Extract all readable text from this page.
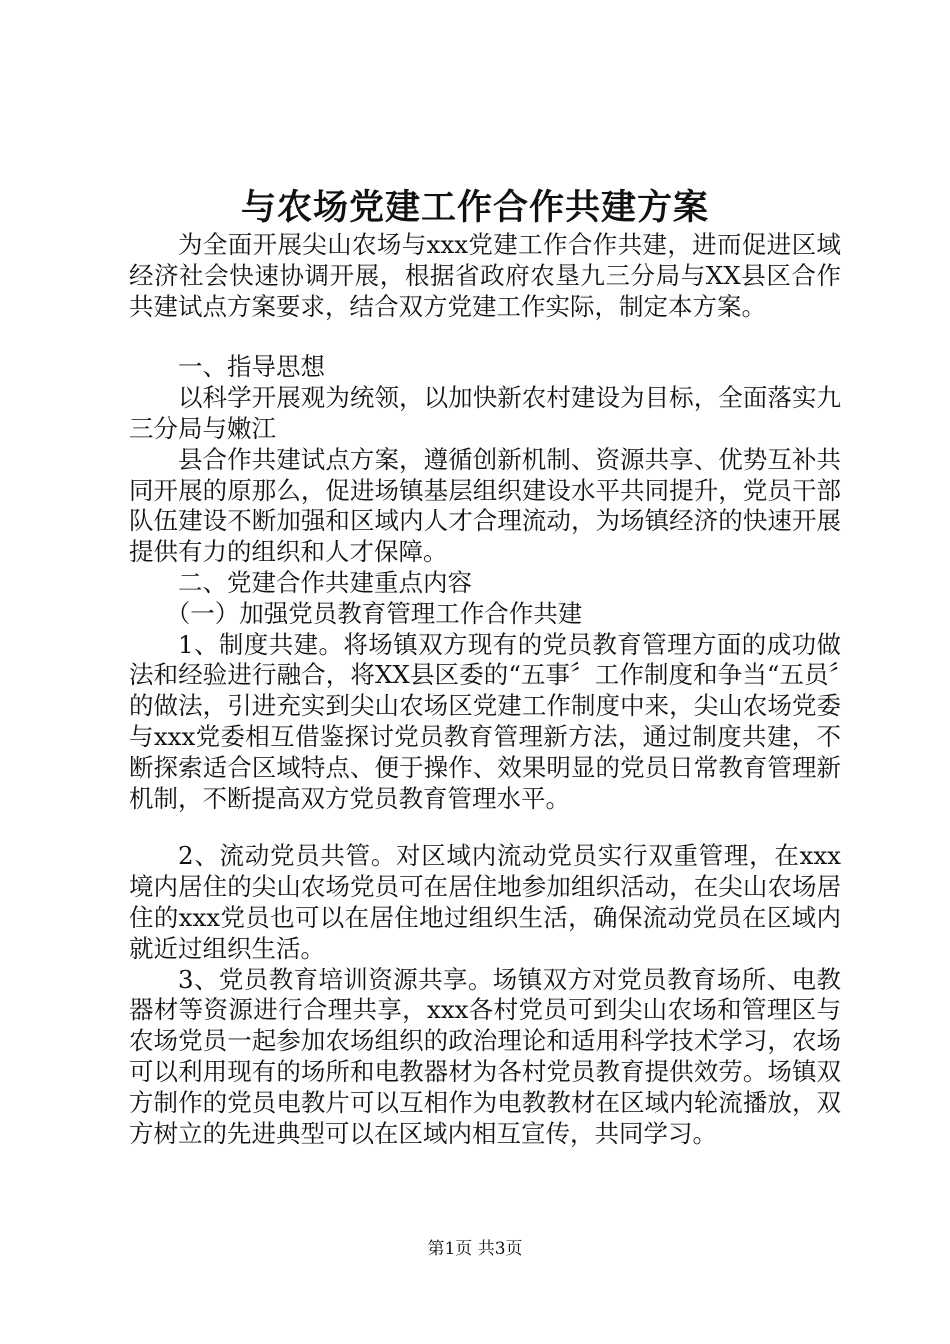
与农场党建工作合作共建方案

为全面开展尖山农场与xxx党建工作合作共建，进而促进区域经济社会快速协调开展，根据省政府农垦九三分局与XX县区合作共建试点方案要求，结合双方党建工作实际，制定本方案。

一、指导思想

以科学开展观为统领，以加快新农村建设为目标，全面落实九三分局与嫩江

县合作共建试点方案，遵循创新机制、资源共享、优势互补共同开展的原那么，促进场镇基层组织建设水平共同提升，党员干部队伍建设不断加强和区域内人才合理流动，为场镇经济的快速开展提供有力的组织和人才保障。

二、党建合作共建重点内容

（一）加强党员教育管理工作合作共建

1、制度共建。将场镇双方现有的党员教育管理方面的成功做法和经验进行融合，将XX县区委的“五事〞工作制度和争当“五员〞的做法，引进充实到尖山农场区党建工作制度中来，尖山农场党委与xxx党委相互借鉴探讨党员教育管理新方法，通过制度共建，不断探索适合区域特点、便于操作、效果明显的党员日常教育管理新机制，不断提高双方党员教育管理水平。

2、流动党员共管。对区域内流动党员实行双重管理，在xxx境内居住的尖山农场党员可在居住地参加组织活动，在尖山农场居住的xxx党员也可以在居住地过组织生活，确保流动党员在区域内就近过组织生活。

3、党员教育培训资源共享。场镇双方对党员教育场所、电教器材等资源进行合理共享，xxx各村党员可到尖山农场和管理区与农场党员一起参加农场组织的政治理论和适用科学技术学习，农场可以利用现有的场所和电教器材为各村党员教育提供效劳。场镇双方制作的党员电教片可以互相作为电教教材在区域内轮流播放，双方树立的先进典型可以在区域内相互宣传，共同学习。

第1页 共3页
